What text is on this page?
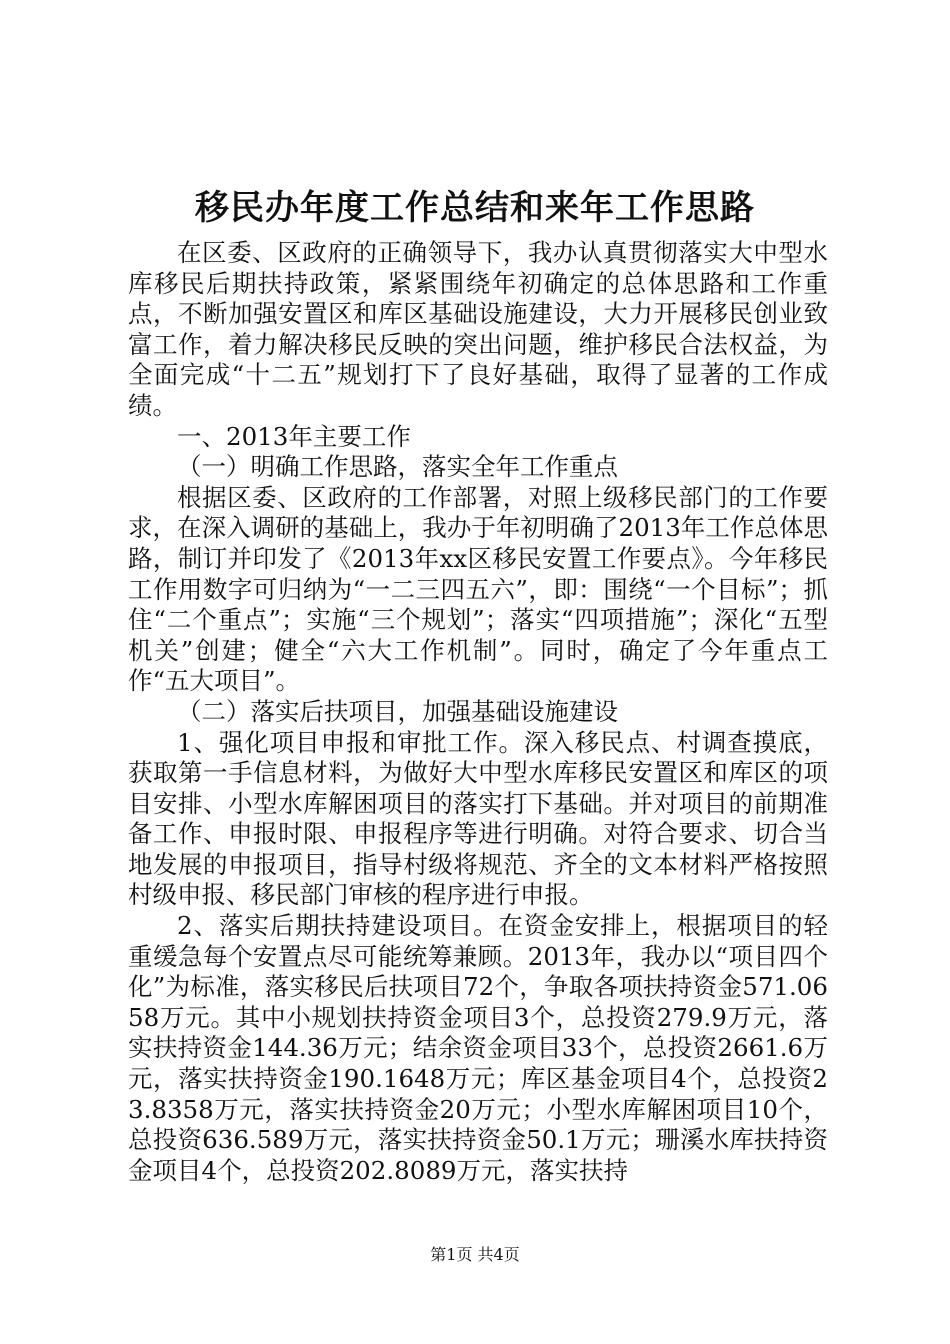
移民办年度工作总结和来年工作思路

在区委、区政府的正确领导下，我办认真贯彻落实大中型水库移民后期扶持政策，紧紧围绕年初确定的总体思路和工作重点，不断加强安置区和库区基础设施建设，大力开展移民创业致富工作，着力解决移民反映的突出问题，维护移民合法权益，为全面完成“十二五”规划打下了良好基础，取得了显著的工作成绩。

一、2013年主要工作

（一）明确工作思路，落实全年工作重点

根据区委、区政府的工作部署，对照上级移民部门的工作要求，在深入调研的基础上，我办于年初明确了2013年工作总体思路，制订并印发了《2013年xx区移民安置工作要点》。今年移民工作用数字可归纳为“一二三四五六”，即：围绕“一个目标”；抓住“二个重点”；实施“三个规划”；落实“四项措施”；深化“五型机关”创建；健全“六大工作机制”。同时，确定了今年重点工作“五大项目”。

（二）落实后扶项目，加强基础设施建设

1、强化项目申报和审批工作。深入移民点、村调查摸底，获取第一手信息材料，为做好大中型水库移民安置区和库区的项目安排、小型水库解困项目的落实打下基础。并对项目的前期准备工作、申报时限、申报程序等进行明确。对符合要求、切合当地发展的申报项目，指导村级将规范、齐全的文本材料严格按照村级申报、移民部门审核的程序进行申报。

2、落实后期扶持建设项目。在资金安排上，根据项目的轻重缓急每个安置点尽可能统筹兼顾。2013年，我办以“项目四个化”为标准，落实移民后扶项目72个，争取各项扶持资金571.0658万元。其中小规划扶持资金项目3个，总投资279.9万元，落实扶持资金144.36万元；结余资金项目33个，总投资2661.6万元，落实扶持资金190.1648万元；库区基金项目4个，总投资23.8358万元，落实扶持资金20万元；小型水库解困项目10个，总投资636.589万元，落实扶持资金50.1万元；珊溪水库扶持资金项目4个，总投资202.8089万元，落实扶持

第1页 共4页
